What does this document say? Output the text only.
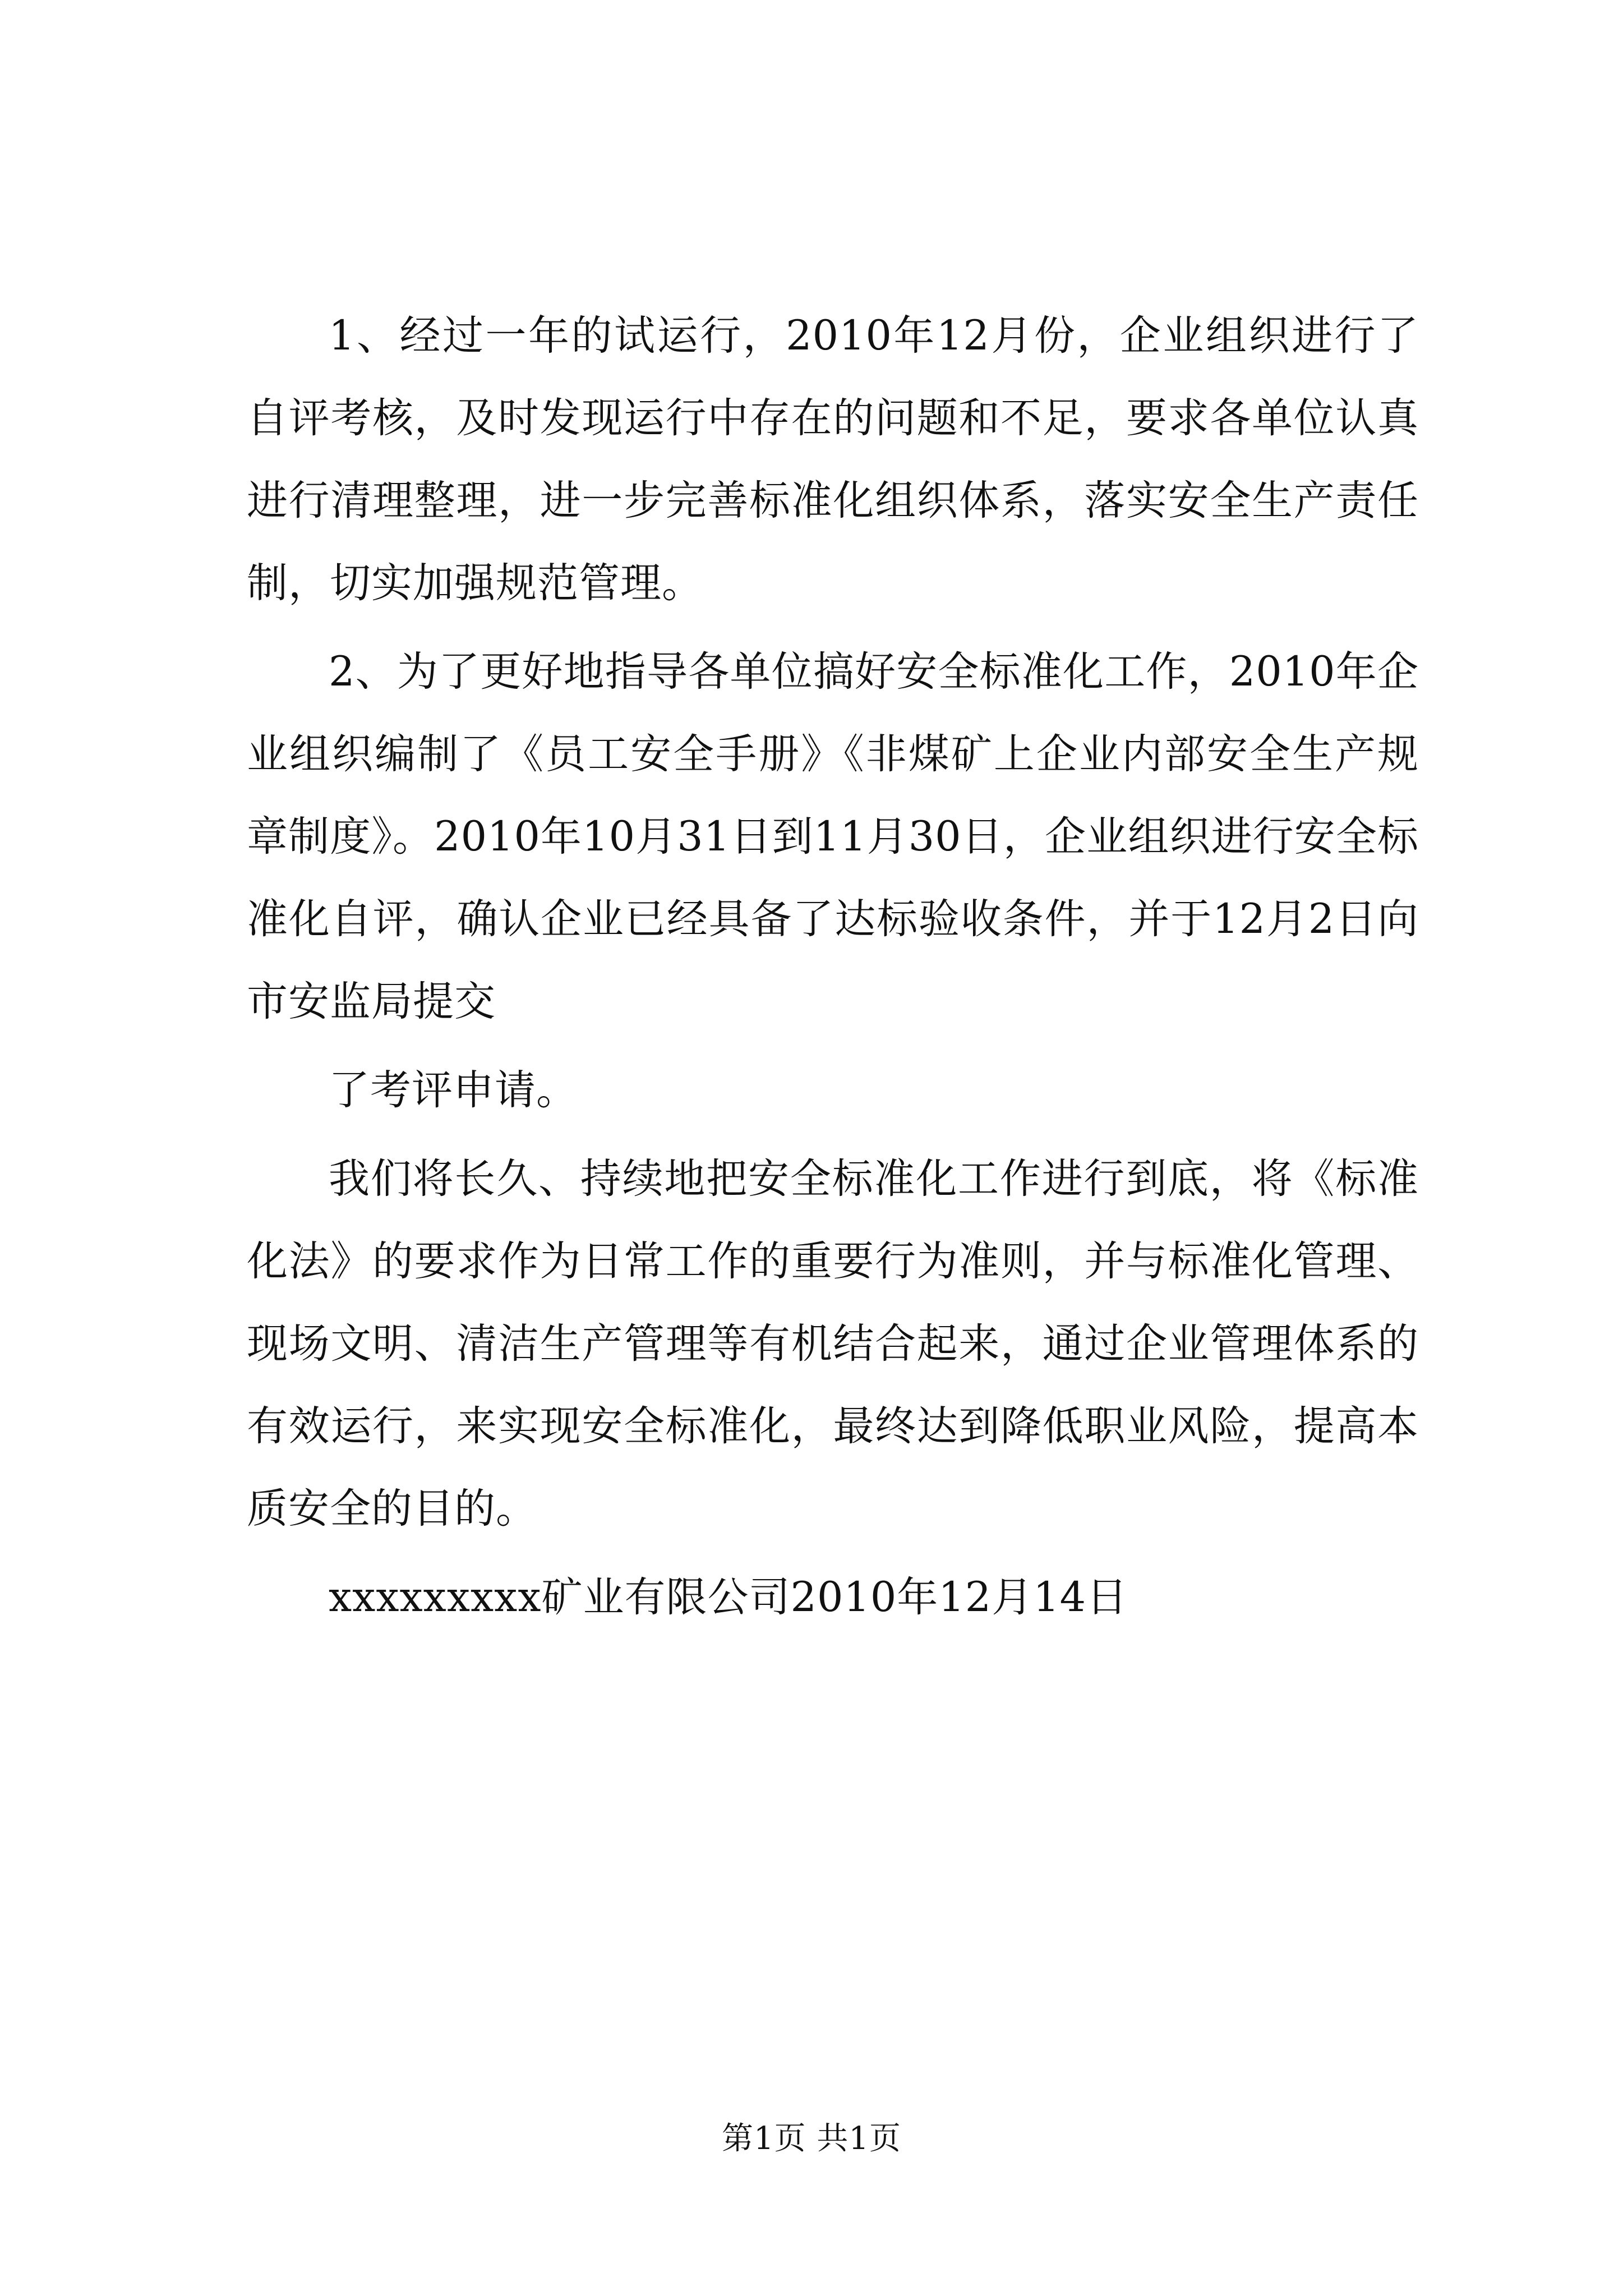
1、经过一年的试运行，2010年12月份，企业组织进行了自评考核，及时发现运行中存在的问题和不足，要求各单位认真进行清理整理，进一步完善标准化组织体系，落实安全生产责任制，切实加强规范管理。

2、为了更好地指导各单位搞好安全标准化工作，2010年企业组织编制了《员工安全手册》《非煤矿上企业内部安全生产规章制度》。2010年10月31日到11月30日，企业组织进行安全标准化自评，确认企业已经具备了达标验收条件，并于12月2日向市安监局提交

了考评申请。

我们将长久、持续地把安全标准化工作进行到底，将《标准化法》的要求作为日常工作的重要行为准则，并与标准化管理、现场文明、清洁生产管理等有机结合起来，通过企业管理体系的有效运行，来实现安全标准化，最终达到降低职业风险，提高本质安全的目的。

xxxxxxxxx矿业有限公司2010年12月14日

第1页 共1页
